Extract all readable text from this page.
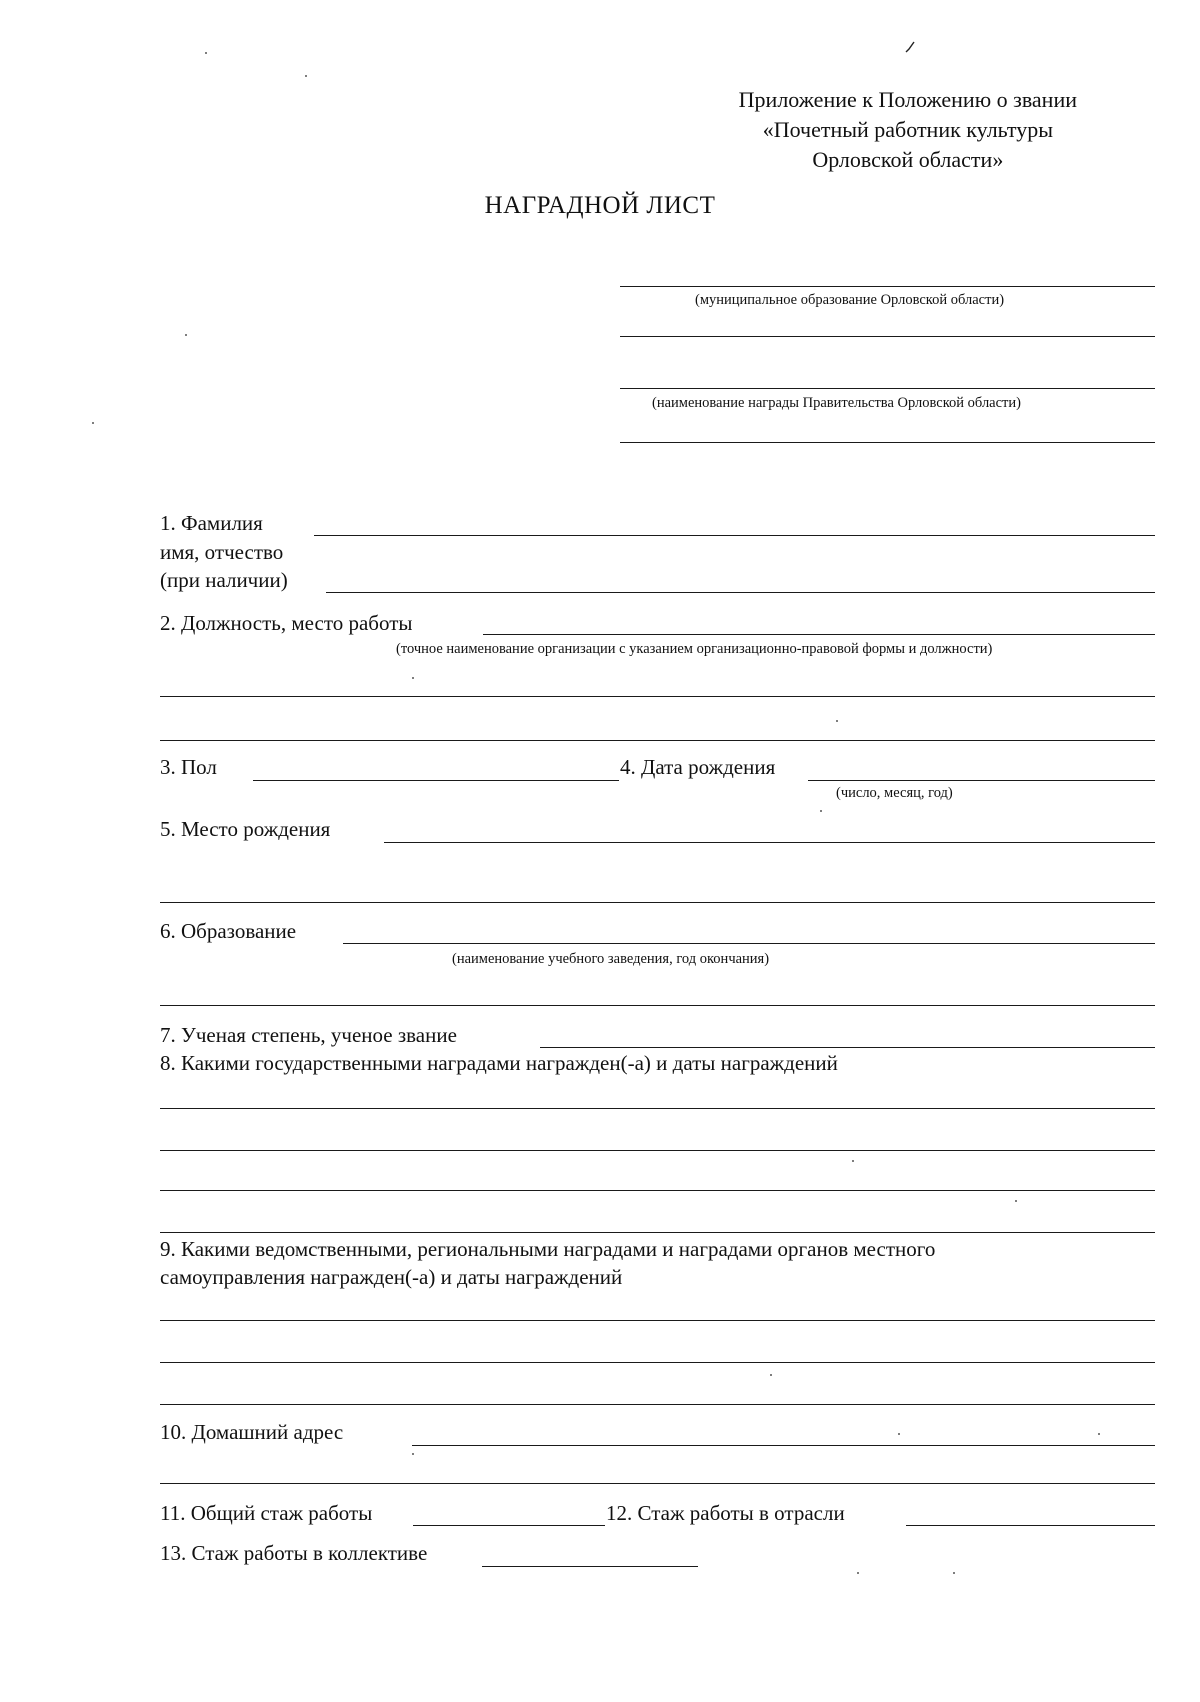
Приложение к Положению о звании
«Почетный работник культуры
Орловской области»
НАГРАДНОЙ ЛИСТ
(муниципальное образование Орловской области)
(наименование награды Правительства Орловской области)
1. Фамилия
имя, отчество
(при наличии)
2. Должность, место работы
(точное наименование организации с указанием организационно-правовой формы и должности)
3. Пол	4. Дата рождения
(число, месяц, год)
5. Место рождения
6. Образование
(наименование учебного заведения, год окончания)
7. Ученая степень, ученое звание
8. Какими государственными наградами награжден(-а) и даты награждений
9. Какими ведомственными, региональными наградами и наградами органов местного
самоуправления награжден(-а) и даты награждений
10. Домашний адрес
11. Общий стаж работы	12. Стаж работы в отрасли
13. Стаж работы в коллективе
